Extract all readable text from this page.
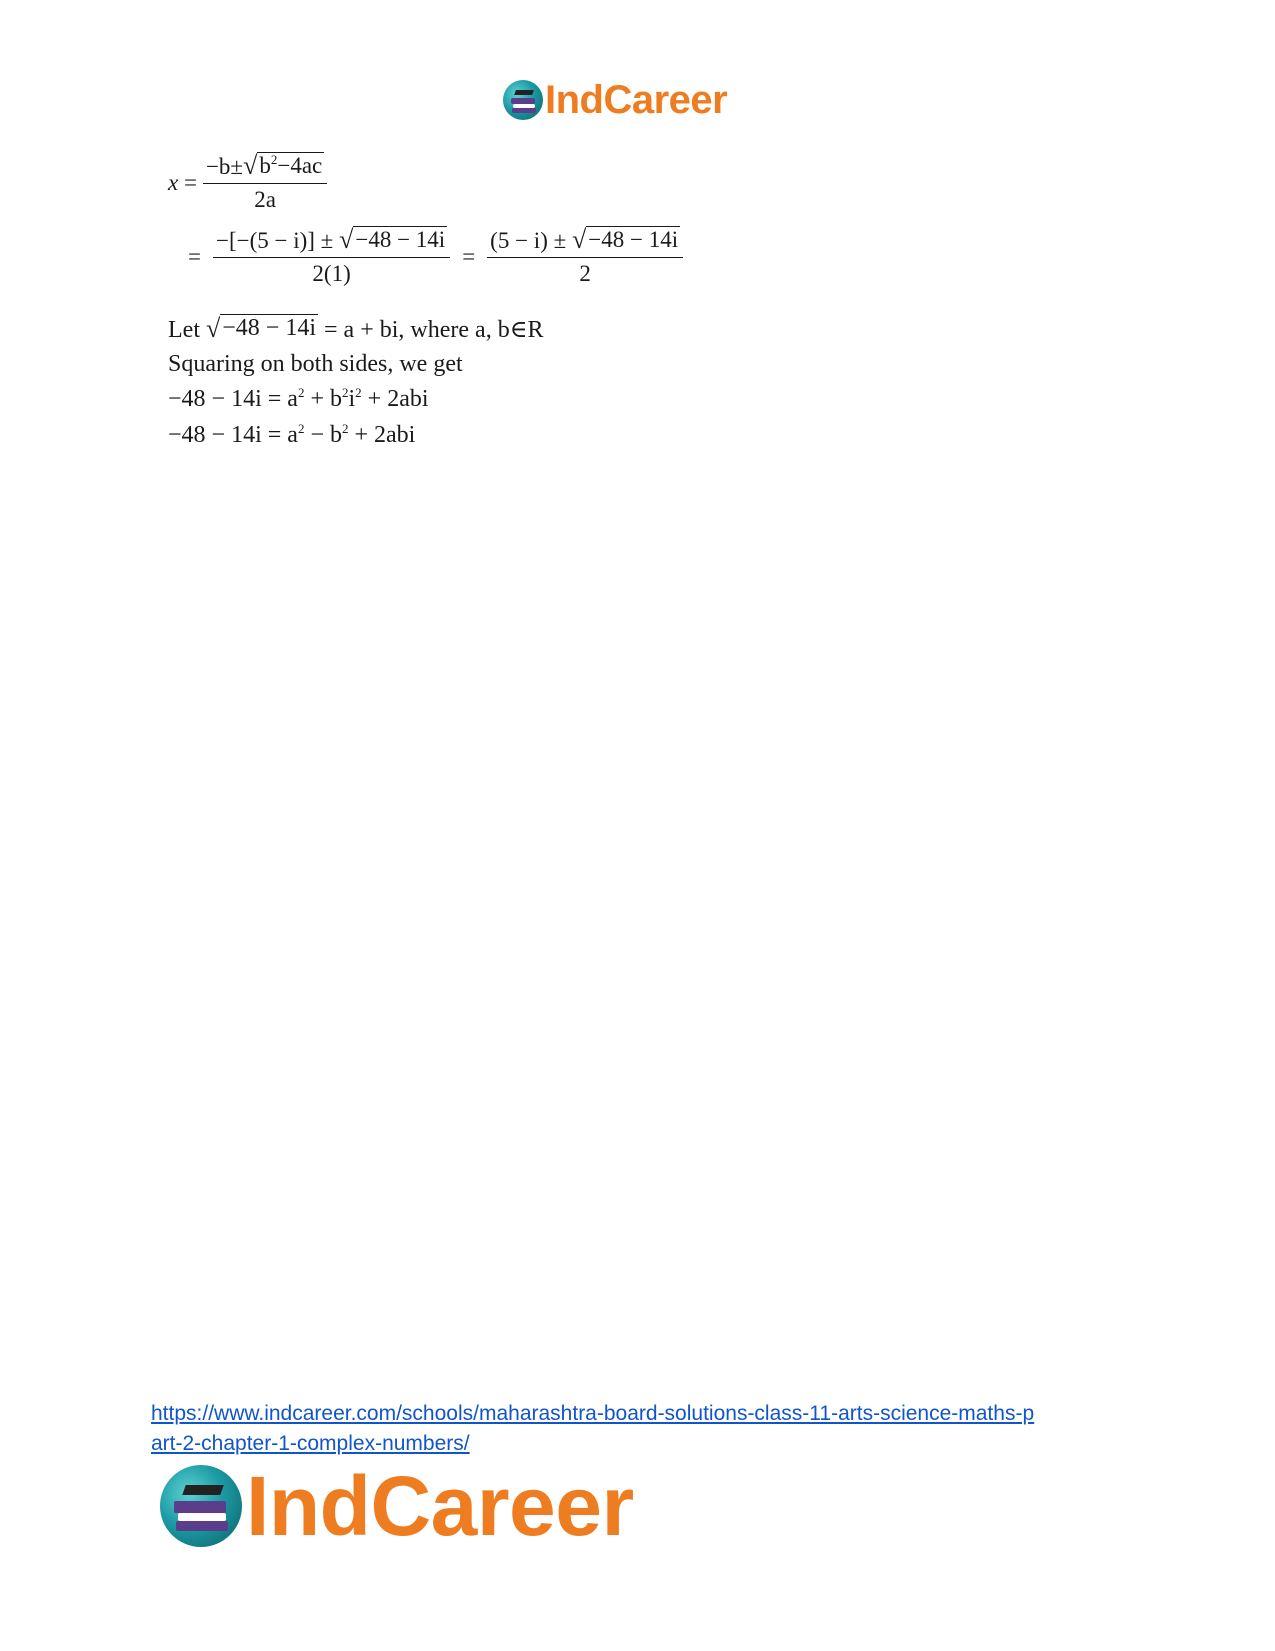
IndCareer
$x = \frac{-b\pm √ b^2-4ac}{2a}$
= $\frac{-[-(5 - i)] \pm √ -48 - 14i}{2(1)} = \frac{(5 - i) \pm √ -48 - 14i}{2}$
Let √ −48 − 14i = a + bi, where a, b∈R
Squaring on both sides, we get
$-48 - 14i = a^2 + b^2i^2 + 2abi$
$-48 - 14i = a^2 - b^2 + 2abi$
https://www.indcareer.com/schools/maharashtra-board-solutions-class-11-arts-science-maths-p
art-2-chapter-1-complex-numbers/
IndCareer
